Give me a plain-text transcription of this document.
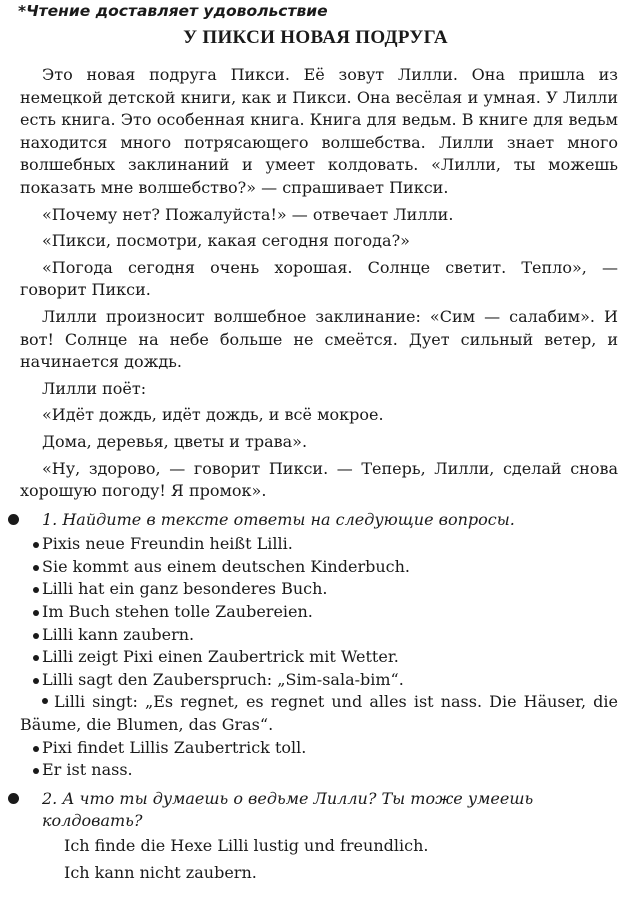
*Чтение доставляет удовольствие
У ПИКСИ НОВАЯ ПОДРУГА

Это новая подруга Пикси. Её зовут Лилли. Она пришла из немецкой детской книги, как и Пикси. Она весёлая и умная. У Лилли есть книга. Это особенная книга. Книга для ведьм. В книге для ведьм находится много потрясающего волшебства. Лилли знает много волшебных заклинаний и умеет колдовать. «Лилли, ты можешь показать мне волшебство?» — спрашивает Пикси.

«Почему нет? Пожалуйста!» — отвечает Лилли.

«Пикси, посмотри, какая сегодня погода?»

«Погода сегодня очень хорошая. Солнце светит. Тепло», — говорит Пикси.

Лилли произносит волшебное заклинание: «Сим — салабим». И вот! Солнце на небе больше не смеётся. Дует сильный ветер, и начинается дождь.

Лилли поёт:

«Идёт дождь, идёт дождь, и всё мокрое.

Дома, деревья, цветы и трава».

«Ну, здорово, — говорит Пикси. — Теперь, Лилли, сделай снова хорошую погоду! Я промок».

1. Найдите в тексте ответы на следующие вопросы.
Pixis neue Freundin heißt Lilli.
Sie kommt aus einem deutschen Kinderbuch.
Lilli hat ein ganz besonderes Buch.
Im Buch stehen tolle Zaubereien.
Lilli kann zaubern.
Lilli zeigt Pixi einen Zaubertrick mit Wetter.
Lilli sagt den Zauberspruch: „Sim-sala-bim“.
Lilli singt: „Es regnet, es regnet und alles ist nass. Die Häuser, die Bäume, die Blumen, das Gras“.
Pixi findet Lillis Zaubertrick toll.
Er ist nass.
2. А что ты думаешь о ведьме Лилли? Ты тоже умеешь колдовать?

Ich finde die Hexe Lilli lustig und freundlich.

Ich kann nicht zaubern.
